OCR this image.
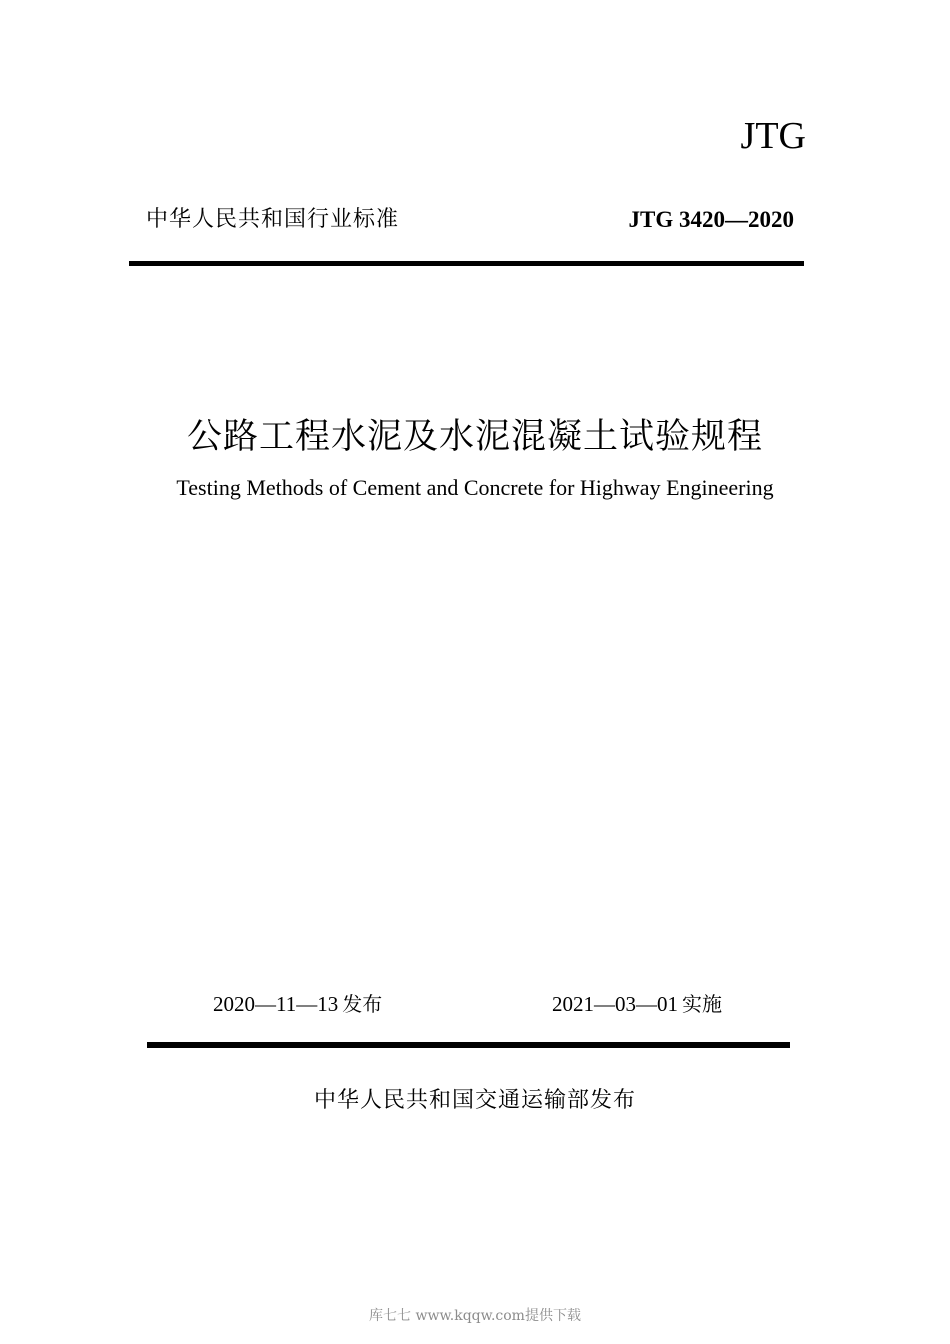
JTG
中华人民共和国行业标准	JTG 3420—2020
公路工程水泥及水泥混凝土试验规程
Testing Methods of Cement and Concrete for Highway Engineering
2020—11—13 发布	2021—03—01 实施
中华人民共和国交通运输部发布
库七七 www.kqqw.com提供下载
